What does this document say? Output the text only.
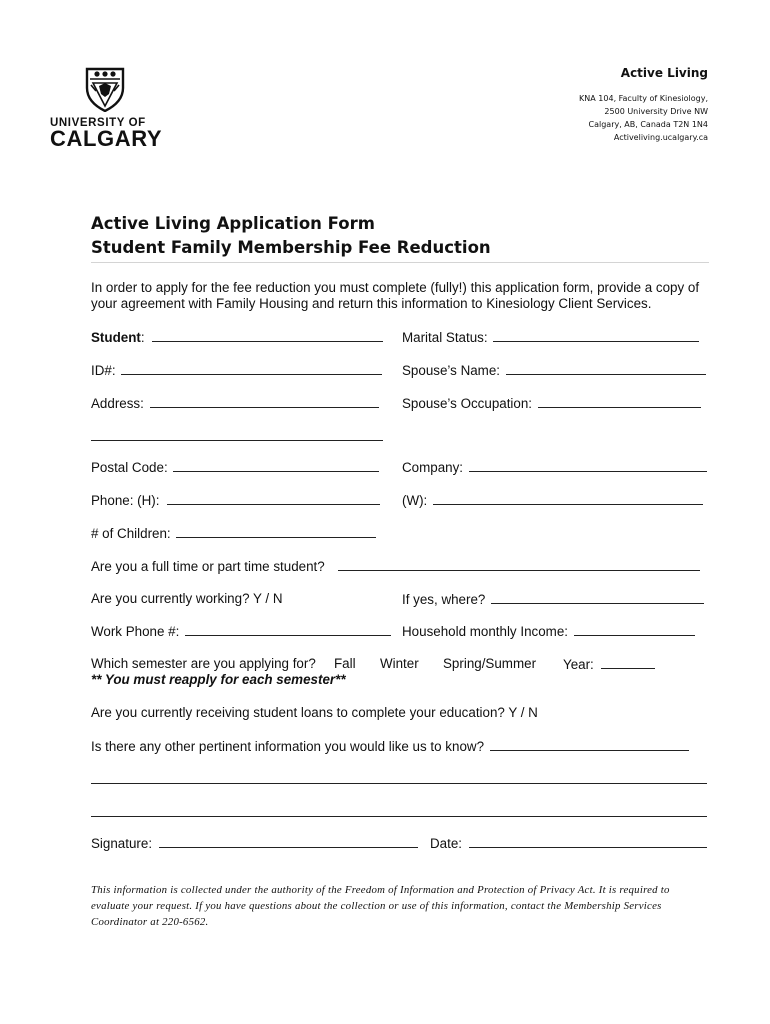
UNIVERSITY OF
CALGARY
Active Living
KNA 104, Faculty of Kinesiology,
2500 University Drive NW
Calgary, AB, Canada T2N 1N4
Activeliving.ucalgary.ca
Active Living Application Form
Student Family Membership Fee Reduction
In order to apply for the fee reduction you must complete (fully!) this application form, provide a copy of your agreement with Family Housing and return this information to Kinesiology Client Services.
Student:	Marital Status:
ID#:	Spouse’s Name:
Address:	Spouse’s Occupation:
Postal Code:	Company:
Phone: (H):	(W):
# of Children:
Are you a full time or part time student?
Are you currently working? Y / N	If yes, where?
Work Phone #:	Household monthly Income:
Which semester are you applying for? Fall Winter Spring/Summer Year:
** You must reapply for each semester**
Are you currently receiving student loans to complete your education? Y / N
Is there any other pertinent information you would like us to know?
Signature:	Date:
This information is collected under the authority of the Freedom of Information and Protection of Privacy Act. It is required to evaluate your request. If you have questions about the collection or use of this information, contact the Membership Services Coordinator at 220-6562.
